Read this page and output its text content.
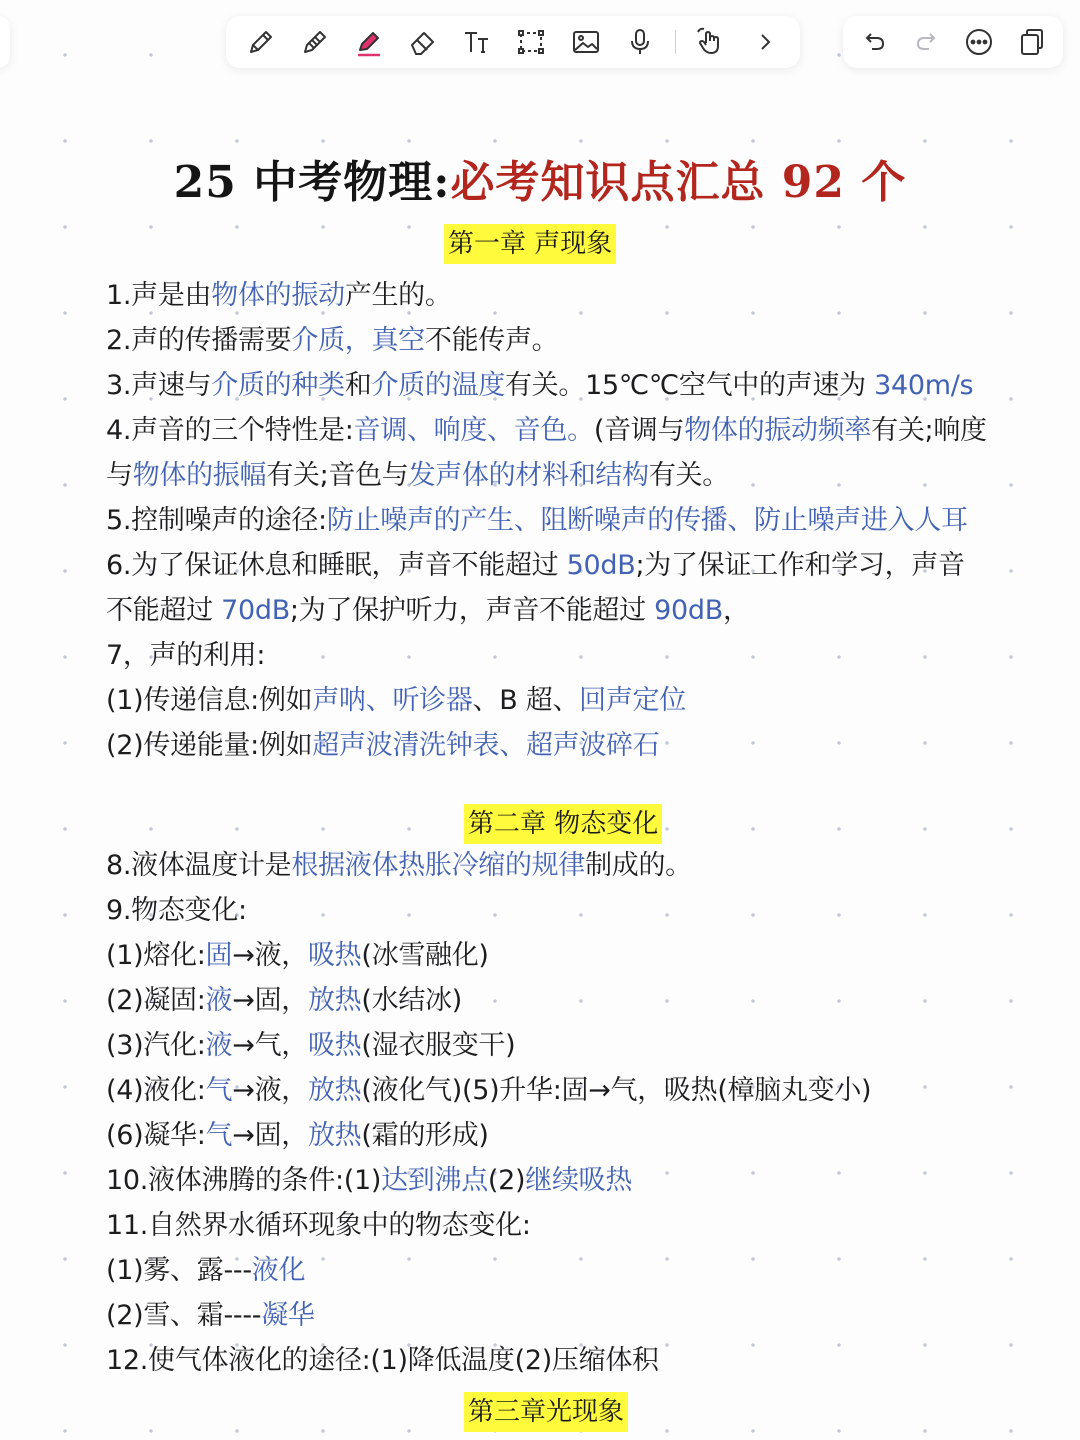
25 中考物理:必考知识点汇总 92 个
第一章 声现象
第二章 物态变化
第三章光现象
1.声是由物体的振动产生的。
2.声的传播需要介质，真空不能传声。
3.声速与介质的种类和介质的温度有关。15℃℃空气中的声速为 340m/s
4.声音的三个特性是:音调、响度、音色。(音调与物体的振动频率有关;响度
与物体的振幅有关;音色与发声体的材料和结构有关。
5.控制噪声的途径:防止噪声的产生、阻断噪声的传播、防止噪声进入人耳
6.为了保证休息和睡眠，声音不能超过 50dB;为了保证工作和学习，声音
不能超过 70dB;为了保护听力，声音不能超过 90dB，
7，声的利用:
(1)传递信息:例如声呐、听诊器、B 超、回声定位
(2)传递能量:例如超声波清洗钟表、超声波碎石
8.液体温度计是根据液体热胀冷缩的规律制成的。
9.物态变化:
(1)熔化:固→液，吸热(冰雪融化)
(2)凝固:液→固，放热(水结冰)
(3)汽化:液→气，吸热(湿衣服变干)
(4)液化:气→液，放热(液化气)(5)升华:固→气，吸热(樟脑丸变小)
(6)凝华:气→固，放热(霜的形成)
10.液体沸腾的条件:(1)达到沸点(2)继续吸热
11.自然界水循环现象中的物态变化:
(1)雾、露---液化
(2)雪、霜----凝华
12.使气体液化的途径:(1)降低温度(2)压缩体积
